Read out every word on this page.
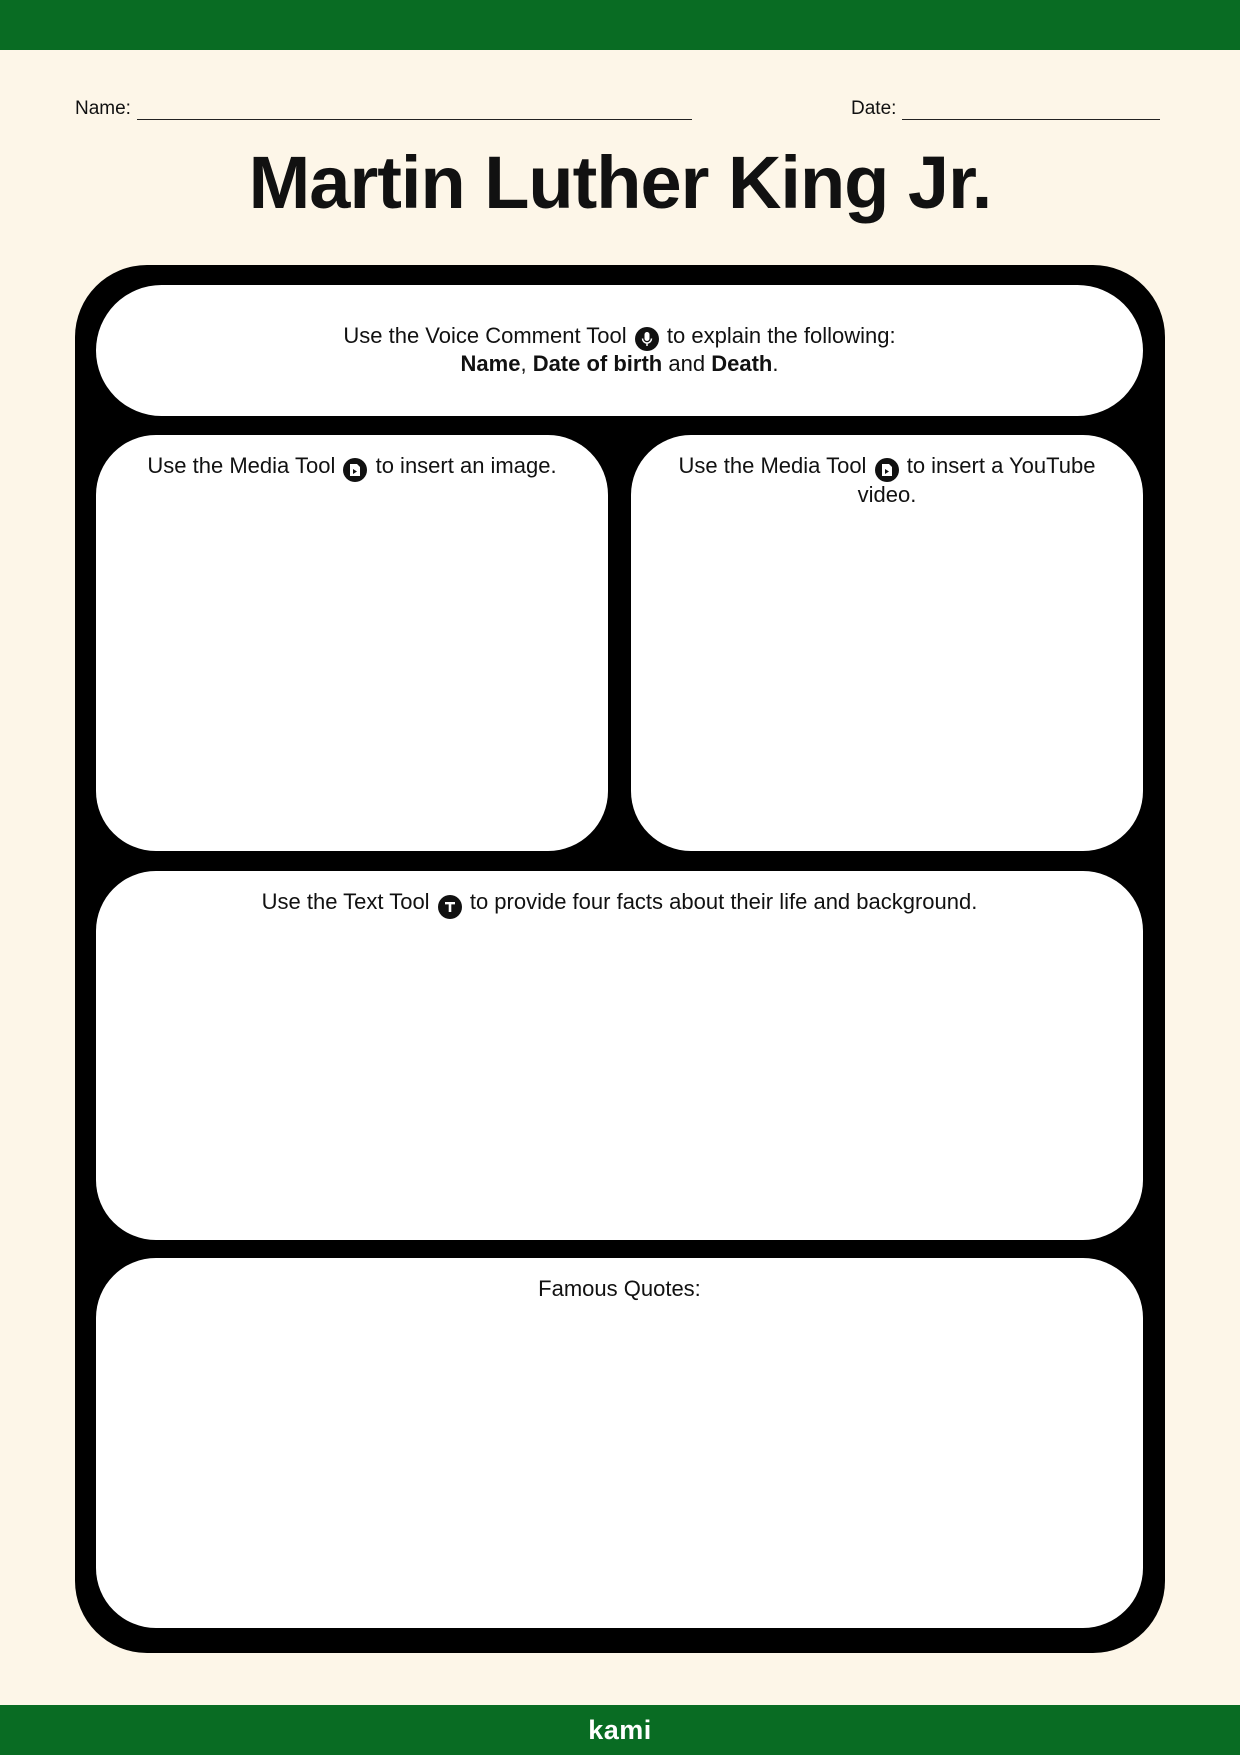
Name:	Date:
Martin Luther King Jr.
Use the Voice Comment Tool to explain the following:
Name, Date of birth and Death.
Use the Media Tool to insert an image.	Use the Media Tool to insert a YouTube video.
Use the Text Tool to provide four facts about their life and background.
Famous Quotes:
kami
